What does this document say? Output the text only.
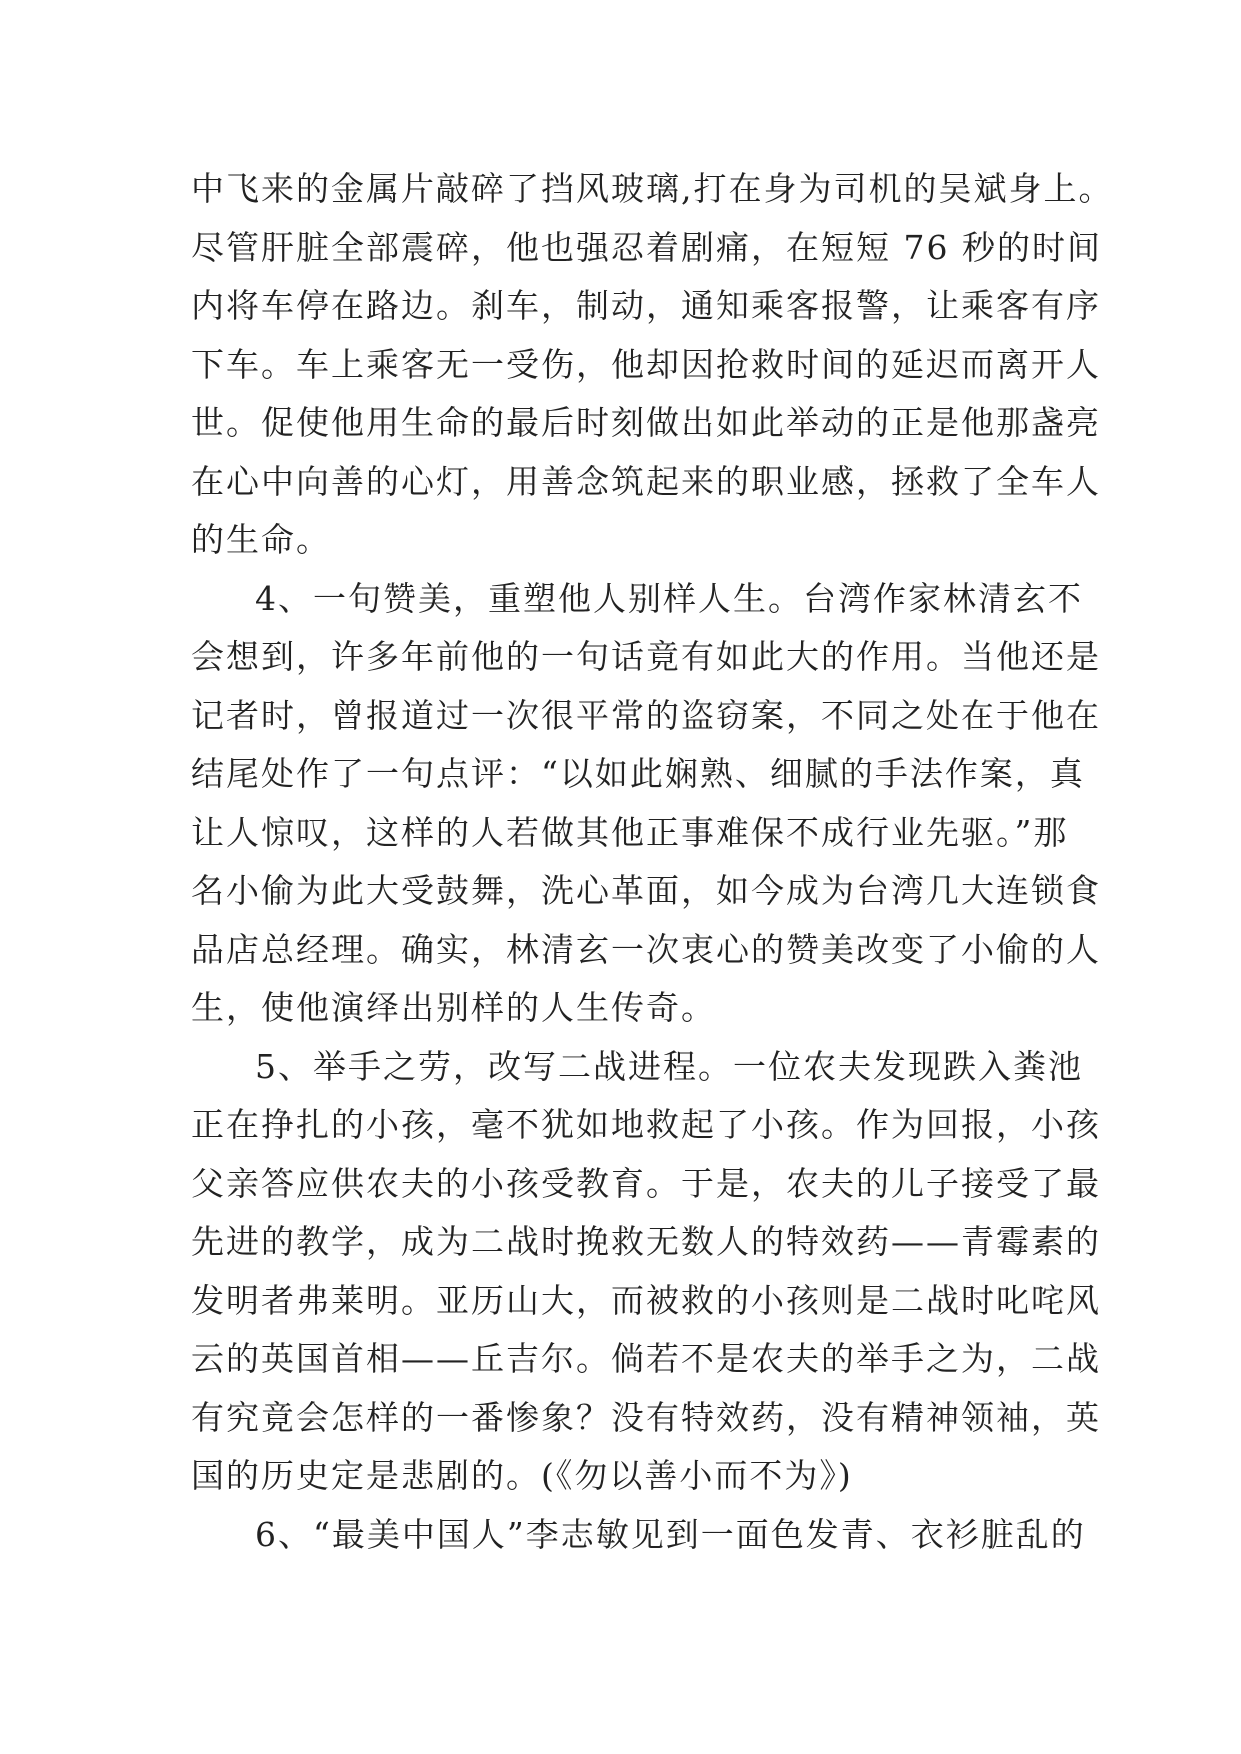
中飞来的金属片敲碎了挡风玻璃,打在身为司机的吴斌身上。
尽管肝脏全部震碎，他也强忍着剧痛，在短短 76 秒的时间
内将车停在路边。刹车，制动，通知乘客报警，让乘客有序
下车。车上乘客无一受伤，他却因抢救时间的延迟而离开人
世。促使他用生命的最后时刻做出如此举动的正是他那盏亮
在心中向善的心灯，用善念筑起来的职业感，拯救了全车人
的生命。
4、一句赞美，重塑他人别样人生。台湾作家林清玄不
会想到，许多年前他的一句话竟有如此大的作用。当他还是
记者时，曾报道过一次很平常的盗窃案，不同之处在于他在
结尾处作了一句点评：“以如此娴熟、细腻的手法作案，真
让人惊叹，这样的人若做其他正事难保不成行业先驱。”那
名小偷为此大受鼓舞，洗心革面，如今成为台湾几大连锁食
品店总经理。确实，林清玄一次衷心的赞美改变了小偷的人
生，使他演绎出别样的人生传奇。
5、举手之劳，改写二战进程。一位农夫发现跌入粪池
正在挣扎的小孩，毫不犹如地救起了小孩。作为回报，小孩
父亲答应供农夫的小孩受教育。于是，农夫的儿子接受了最
先进的教学，成为二战时挽救无数人的特效药——青霉素的
发明者弗莱明。亚历山大，而被救的小孩则是二战时叱咤风
云的英国首相——丘吉尔。倘若不是农夫的举手之为，二战
有究竟会怎样的一番惨象？没有特效药，没有精神领袖，英
国的历史定是悲剧的。(《勿以善小而不为》)
6、“最美中国人”李志敏见到一面色发青、衣衫脏乱的
